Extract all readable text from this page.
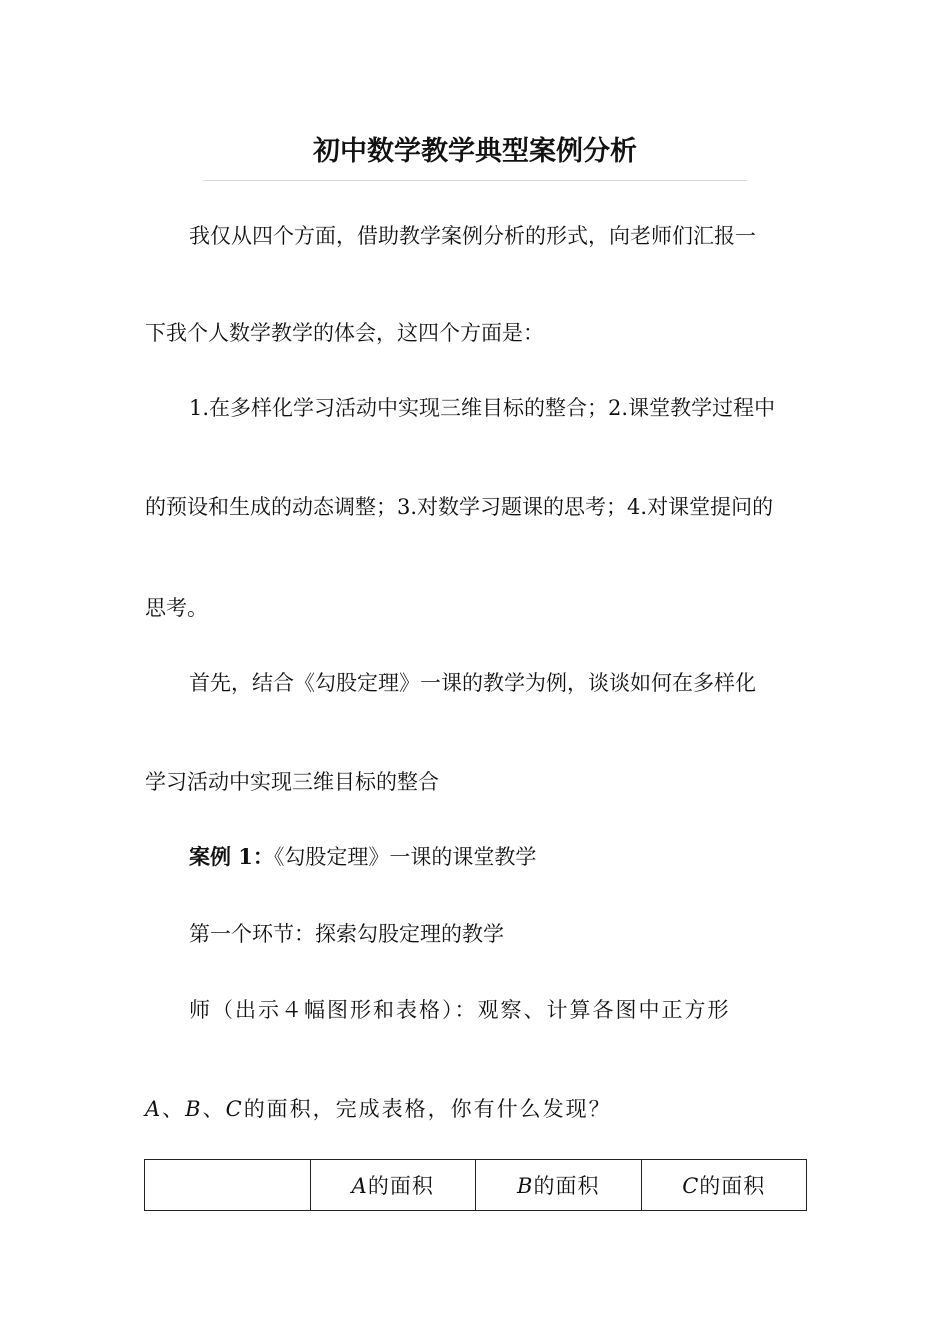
初中数学教学典型案例分析

我仅从四个方面，借助教学案例分析的形式，向老师们汇报一

下我个人数学教学的体会，这四个方面是：

1.在多样化学习活动中实现三维目标的整合；2.课堂教学过程中

的预设和生成的动态调整；3.对数学习题课的思考；4.对课堂提问的

思考。

首先，结合《勾股定理》一课的教学为例，谈谈如何在多样化

学习活动中实现三维目标的整合

案例 1：《勾股定理》一课的课堂教学

第一个环节：探索勾股定理的教学

师（出示４幅图形和表格）：观察、计算各图中正方形

A、B、C的面积，完成表格，你有什么发现？

	A的面积	B的面积	C的面积
